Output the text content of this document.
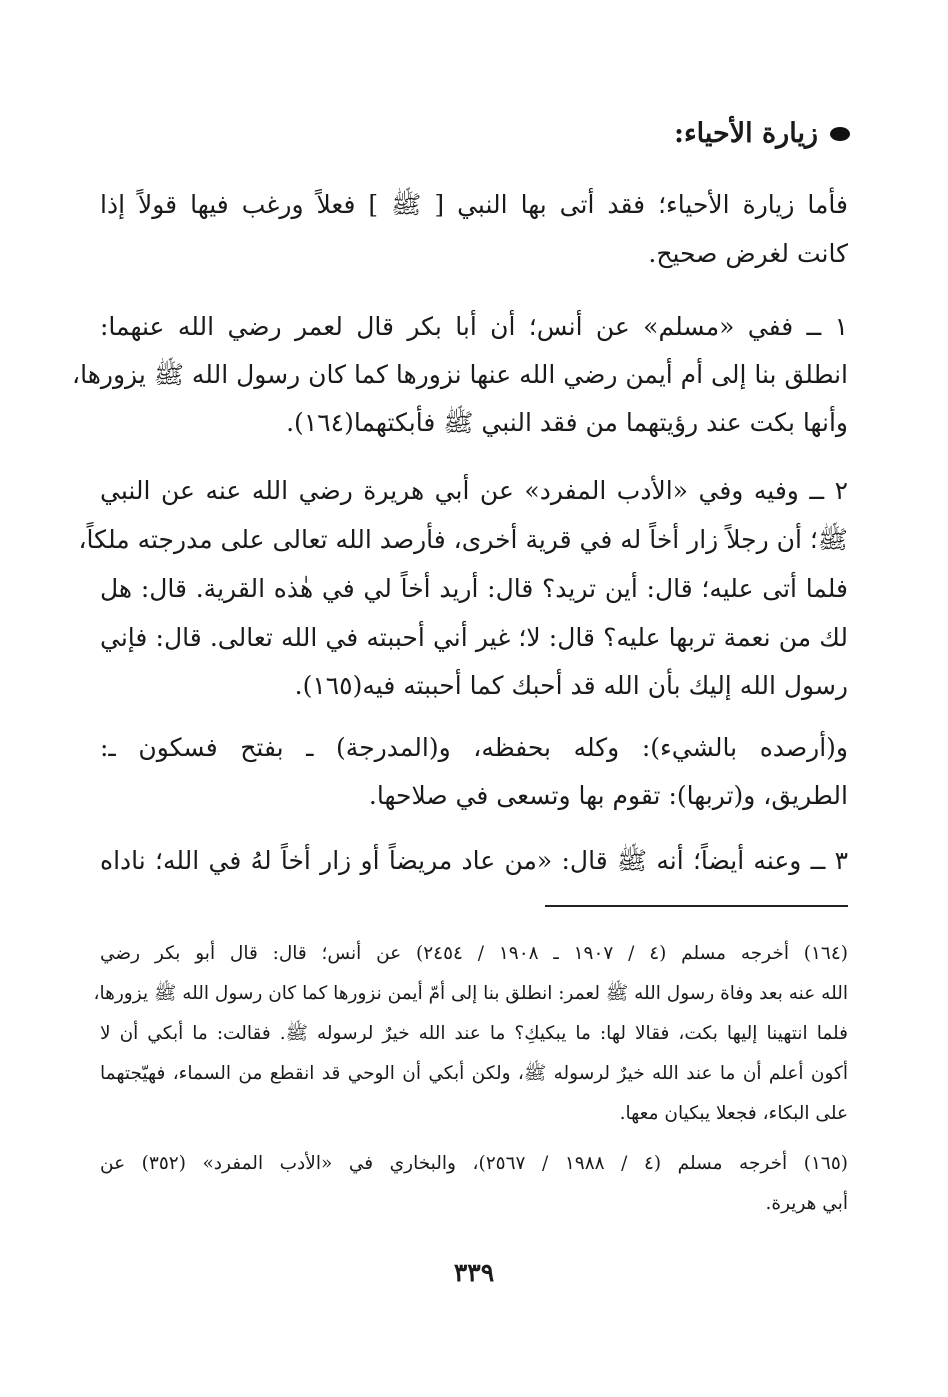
زيارة الأحياء:
فأما زيارة الأحياء؛ فقد أتى بها النبي [ ﷺ ] فعلاً ورغب فيها قولاً إذا
كانت لغرض صحيح.
١ ــ ففي «مسلم» عن أنس؛ أن أبا بكر قال لعمر رضي الله عنهما:
انطلق بنا إلى أم أيمن رضي الله عنها نزورها كما كان رسول الله ﷺ يزورها،
وأنها بكت عند رؤيتهما من فقد النبي ﷺ فأبكتهما(١٦٤).
٢ ــ وفيه وفي «الأدب المفرد» عن أبي هريرة رضي الله عنه عن النبي
ﷺ؛ أن رجلاً زار أخاً له في قرية أخرى، فأرصد الله تعالى على مدرجته ملكاً،
فلما أتى عليه؛ قال: أين تريد؟ قال: أريد أخاً لي في هٰذه القرية. قال: هل
لك من نعمة تربها عليه؟ قال: لا؛ غير أني أحببته في الله تعالى. قال: فإني
رسول الله إليك بأن الله قد أحبك كما أحببته فيه(١٦٥).
و(أرصده بالشيء): وكله بحفظه، و(المدرجة) ـ بفتح فسكون ـ:
الطريق، و(تربها): تقوم بها وتسعى في صلاحها.
٣ ــ وعنه أيضاً؛ أنه ﷺ قال: «من عاد مريضاً أو زار أخاً لهُ في الله؛ ناداه
(١٦٤) أخرجه مسلم (٤ / ١٩٠٧ ـ ١٩٠٨ / ٢٤٥٤) عن أنس؛ قال: قال أبو بكر رضي
الله عنه بعد وفاة رسول الله ﷺ لعمر: انطلق بنا إلى أمّ أيمن نزورها كما كان رسول الله ﷺ يزورها،
فلما انتهينا إليها بكت، فقالا لها: ما يبكيكِ؟ ما عند الله خيرٌ لرسوله ﷺ. فقالت: ما أبكي أن لا
أكون أعلم أن ما عند الله خيرٌ لرسوله ﷺ، ولكن أبكي أن الوحي قد انقطع من السماء، فهيّجتهما
على البكاء، فجعلا يبكيان معها.
(١٦٥) أخرجه مسلم (٤ / ١٩٨٨ / ٢٥٦٧)، والبخاري في «الأدب المفرد» (٣٥٢) عن
أبي هريرة.
٣٣٩
